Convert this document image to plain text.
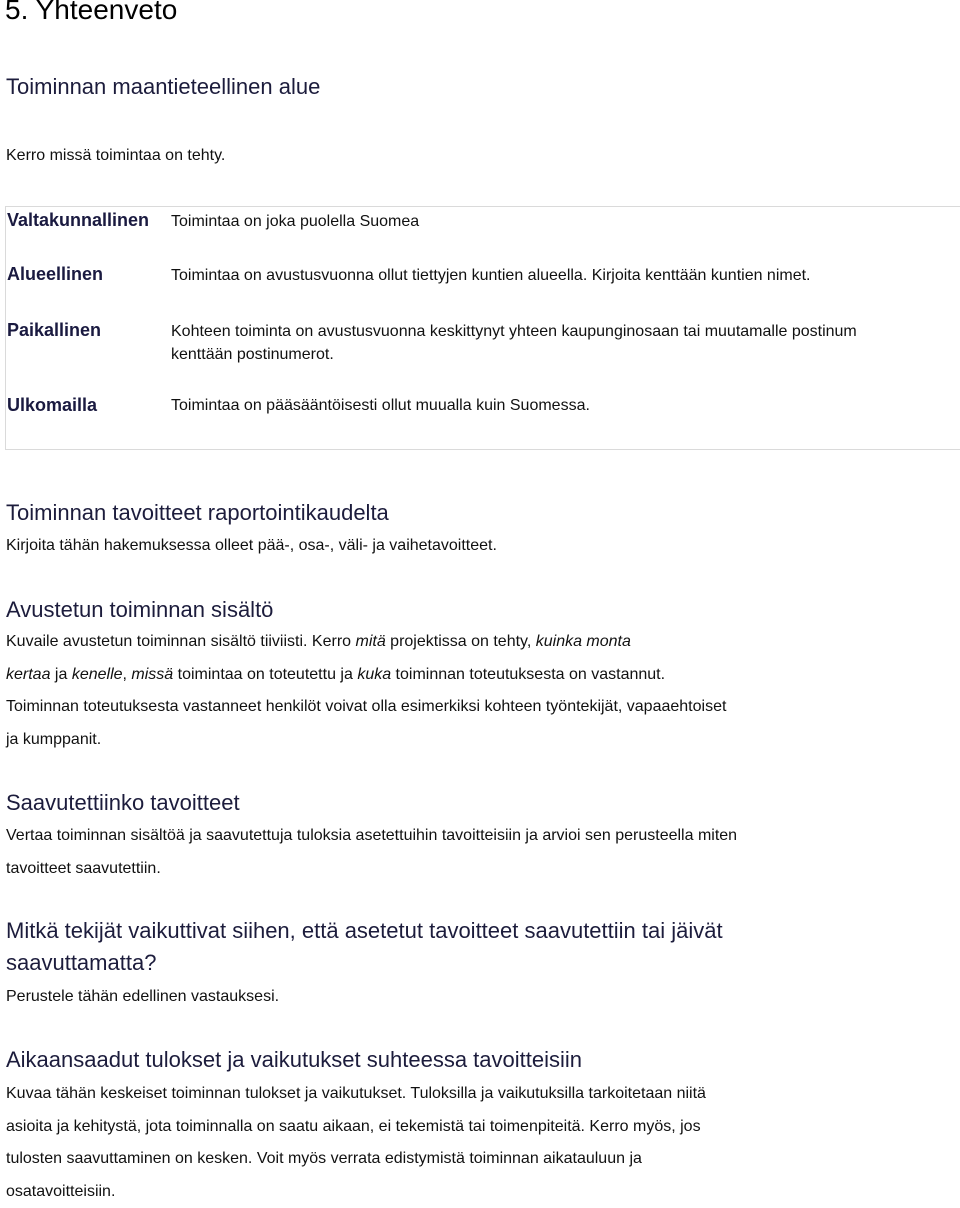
5. Yhteenveto
Toiminnan maantieteellinen alue

Kerro missä toimintaa on tehty.

Valtakunnallinen Toimintaa on joka puolella Suomea
Alueellinen	Toimintaa on avustusvuonna ollut tiettyjen kuntien alueella. Kirjoita kenttään kuntien nimet.
Paikallinen	Kohteen toiminta on avustusvuonna keskittynyt yhteen kaupunginosaan tai muutamalle postinum
kenttään postinumerot.
Ulkomailla	Toimintaa on pääsääntöisesti ollut muualla kuin Suomessa.
Toiminnan tavoitteet raportointikaudelta

Kirjoita tähän hakemuksessa olleet pää-, osa-, väli- ja vaihetavoitteet.

Avustetun toiminnan sisältö
Kuvaile avustetun toiminnan sisältö tiiviisti. Kerro mitä projektissa on tehty, kuinka monta
kertaa ja kenelle, missä toimintaa on toteutettu ja kuka toiminnan toteutuksesta on vastannut.
Toiminnan toteutuksesta vastanneet henkilöt voivat olla esimerkiksi kohteen työntekijät, vapaaehtoiset
ja kumppanit.
Saavutettiinko tavoitteet
Vertaa toiminnan sisältöä ja saavutettuja tuloksia asetettuihin tavoitteisiin ja arvioi sen perusteella miten
tavoitteet saavutettiin.
Mitkä tekijät vaikuttivat siihen, että asetetut tavoitteet saavutettiin tai jäivät
saavuttamatta?

Perustele tähän edellinen vastauksesi.

Aikaansaadut tulokset ja vaikutukset suhteessa tavoitteisiin
Kuvaa tähän keskeiset toiminnan tulokset ja vaikutukset. Tuloksilla ja vaikutuksilla tarkoitetaan niitä
asioita ja kehitystä, jota toiminnalla on saatu aikaan, ei tekemistä tai toimenpiteitä. Kerro myös, jos
tulosten saavuttaminen on kesken. Voit myös verrata edistymistä toiminnan aikatauluun ja
osatavoitteisiin.
